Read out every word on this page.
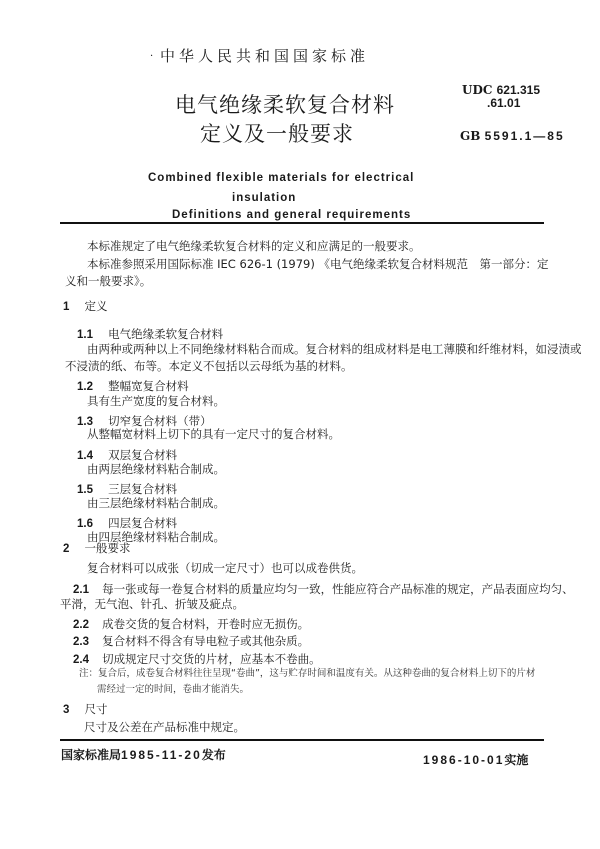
· 中华人民共和国国家标准
电气绝缘柔软复合材料
定义及一般要求
UDC 621.315
.61.01
GB 5591.1—85
Combined flexible materials for electrical
insulation
Definitions and general requirements
本标准规定了电气绝缘柔软复合材料的定义和应满足的一般要求。
本标准参照采用国际标准 IEC 626-1 (1979) 《电气绝缘柔软复合材料规范　第一部分：定
义和一般要求》。
1 定义
1.1 电气绝缘柔软复合材料
由两种或两种以上不同绝缘材料粘合而成。复合材料的组成材料是电工薄膜和纤维材料，如浸渍或
不浸渍的纸、布等。本定义不包括以云母纸为基的材料。
1.2 整幅宽复合材料
具有生产宽度的复合材料。
1.3 切窄复合材料（带）
从整幅宽材料上切下的具有一定尺寸的复合材料。
1.4 双层复合材料
由两层绝缘材料粘合制成。
1.5 三层复合材料
由三层绝缘材料粘合制成。
1.6 四层复合材料
由四层绝缘材料粘合制成。
2 一般要求
复合材料可以成张（切成一定尺寸）也可以成卷供货。
2.1 每一张或每一卷复合材料的质量应均匀一致，性能应符合产品标准的规定，产品表面应均匀、
平滑，无气泡、针孔、折皱及疵点。
2.2 成卷交货的复合材料，开卷时应无损伤。
2.3 复合材料不得含有导电粒子或其他杂质。
2.4 切成规定尺寸交货的片材，应基本不卷曲。
注：复合后，成卷复合材料往往呈现“卷曲”，这与贮存时间和温度有关。从这种卷曲的复合材料上切下的片材
需经过一定的时间，卷曲才能消失。
3 尺寸
尺寸及公差在产品标准中规定。
国家标准局1985-11-20发布	1986-10-01实施
